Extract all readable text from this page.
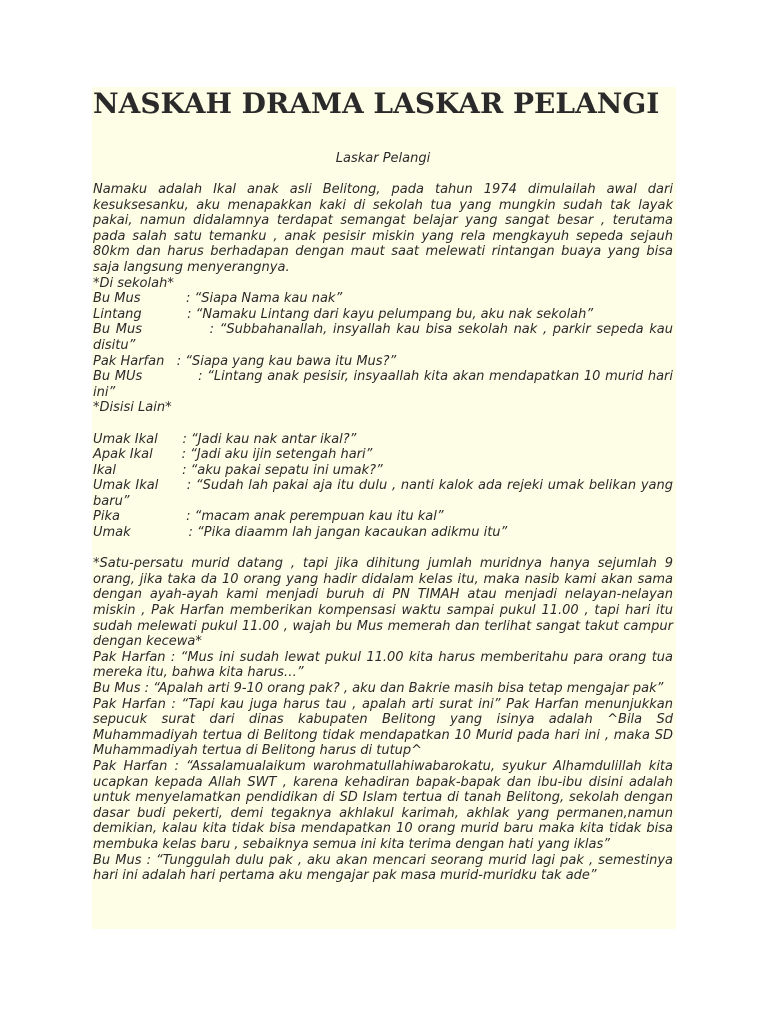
NASKAH DRAMA LASKAR PELANGI
Laskar Pelangi
Namaku adalah Ikal anak asli Belitong, pada tahun 1974 dimulailah awal dari kesuksesanku, aku menapakkan kaki di sekolah tua yang mungkin sudah tak layak pakai, namun didalamnya terdapat semangat belajar yang sangat besar , terutama pada salah satu temanku , anak pesisir miskin yang rela mengkayuh sepeda sejauh 80km dan harus berhadapan dengan maut saat melewati rintangan buaya yang bisa saja langsung menyerangnya.
*Di sekolah*
Bu Mus : “Siapa Nama kau nak”
Lintang : “Namaku Lintang dari kayu pelumpang bu, aku nak sekolah”
Bu Mus            : “Subbahanallah, insyallah kau bisa sekolah nak , parkir sepeda kau disitu”
Pak Harfan : “Siapa yang kau bawa itu Mus?”
Bu MUs            : “Lintang anak pesisir, insyaallah kita akan mendapatkan 10 murid hari ini”
*Disisi Lain*
Umak Ikal : “Jadi kau nak antar ikal?”
Apak Ikal : “Jadi aku ijin setengah hari”
Ikal : “aku pakai sepatu ini umak?”
Umak Ikal      : “Sudah lah pakai aja itu dulu , nanti kalok ada rejeki umak belikan yang baru”
Pika : “macam anak perempuan kau itu kal”
Umak : “Pika diaamm lah jangan kacaukan adikmu itu”
*Satu-persatu murid datang , tapi jika dihitung jumlah muridnya hanya sejumlah 9 orang, jika taka da 10 orang yang hadir didalam kelas itu, maka nasib kami akan sama dengan ayah-ayah kami menjadi buruh di PN TIMAH atau menjadi nelayan-nelayan miskin , Pak Harfan memberikan kompensasi waktu sampai pukul 11.00 , tapi hari itu sudah melewati pukul 11.00 , wajah bu Mus memerah dan terlihat sangat takut campur dengan kecewa*
Pak Harfan : “Mus ini sudah lewat pukul 11.00 kita harus memberitahu para orang tua mereka itu, bahwa kita harus…”
Bu Mus : “Apalah arti 9-10 orang pak? , aku dan Bakrie masih bisa tetap mengajar pak”
Pak Harfan : “Tapi kau juga harus tau , apalah arti surat ini” Pak Harfan menunjukkan sepucuk surat dari dinas kabupaten Belitong yang isinya adalah ^Bila Sd Muhammadiyah tertua di Belitong tidak mendapatkan 10 Murid pada hari ini , maka SD Muhammadiyah tertua di Belitong harus di tutup^
Pak Harfan : “Assalamualaikum warohmatullahiwabarokatu, syukur Alhamdulillah kita ucapkan kepada Allah SWT , karena kehadiran bapak-bapak dan ibu-ibu disini adalah untuk menyelamatkan pendidikan di SD Islam tertua di tanah Belitong, sekolah dengan dasar budi pekerti, demi tegaknya akhlakul karimah, akhlak yang permanen,namun demikian, kalau kita tidak bisa mendapatkan 10 orang murid baru maka kita tidak bisa membuka kelas baru , sebaiknya semua ini kita terima dengan hati yang iklas”
Bu Mus : “Tunggulah dulu pak , aku akan mencari seorang murid lagi pak , semestinya hari ini adalah hari pertama aku mengajar pak masa murid-muridku tak ade”
